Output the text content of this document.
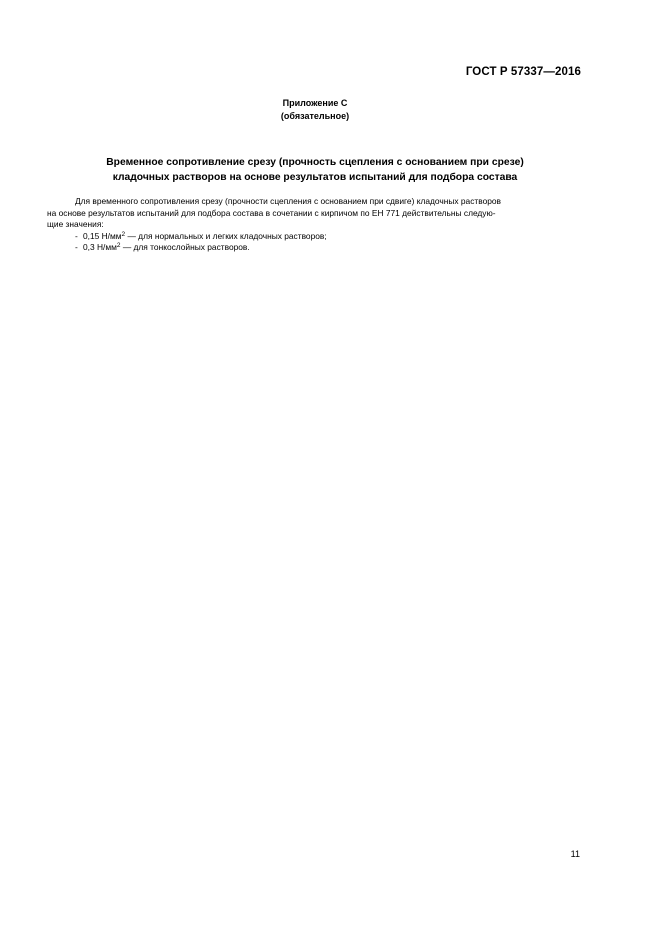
ГОСТ Р 57337—2016
Приложение С
(обязательное)
Временное сопротивление срезу (прочность сцепления с основанием при срезе)
кладочных растворов на основе результатов испытаний для подбора состава
Для временного сопротивления срезу (прочности сцепления с основанием при сдвиге) кладочных растворов
на основе результатов испытаний для подбора состава в сочетании с кирпичом по ЕН 771 действительны следую-
щие значения:
- 0,15 $Н/мм^2$ — для нормальных и легких кладочных растворов;
- 0,3 $Н/мм^2$ — для тонкослойных растворов.
11
